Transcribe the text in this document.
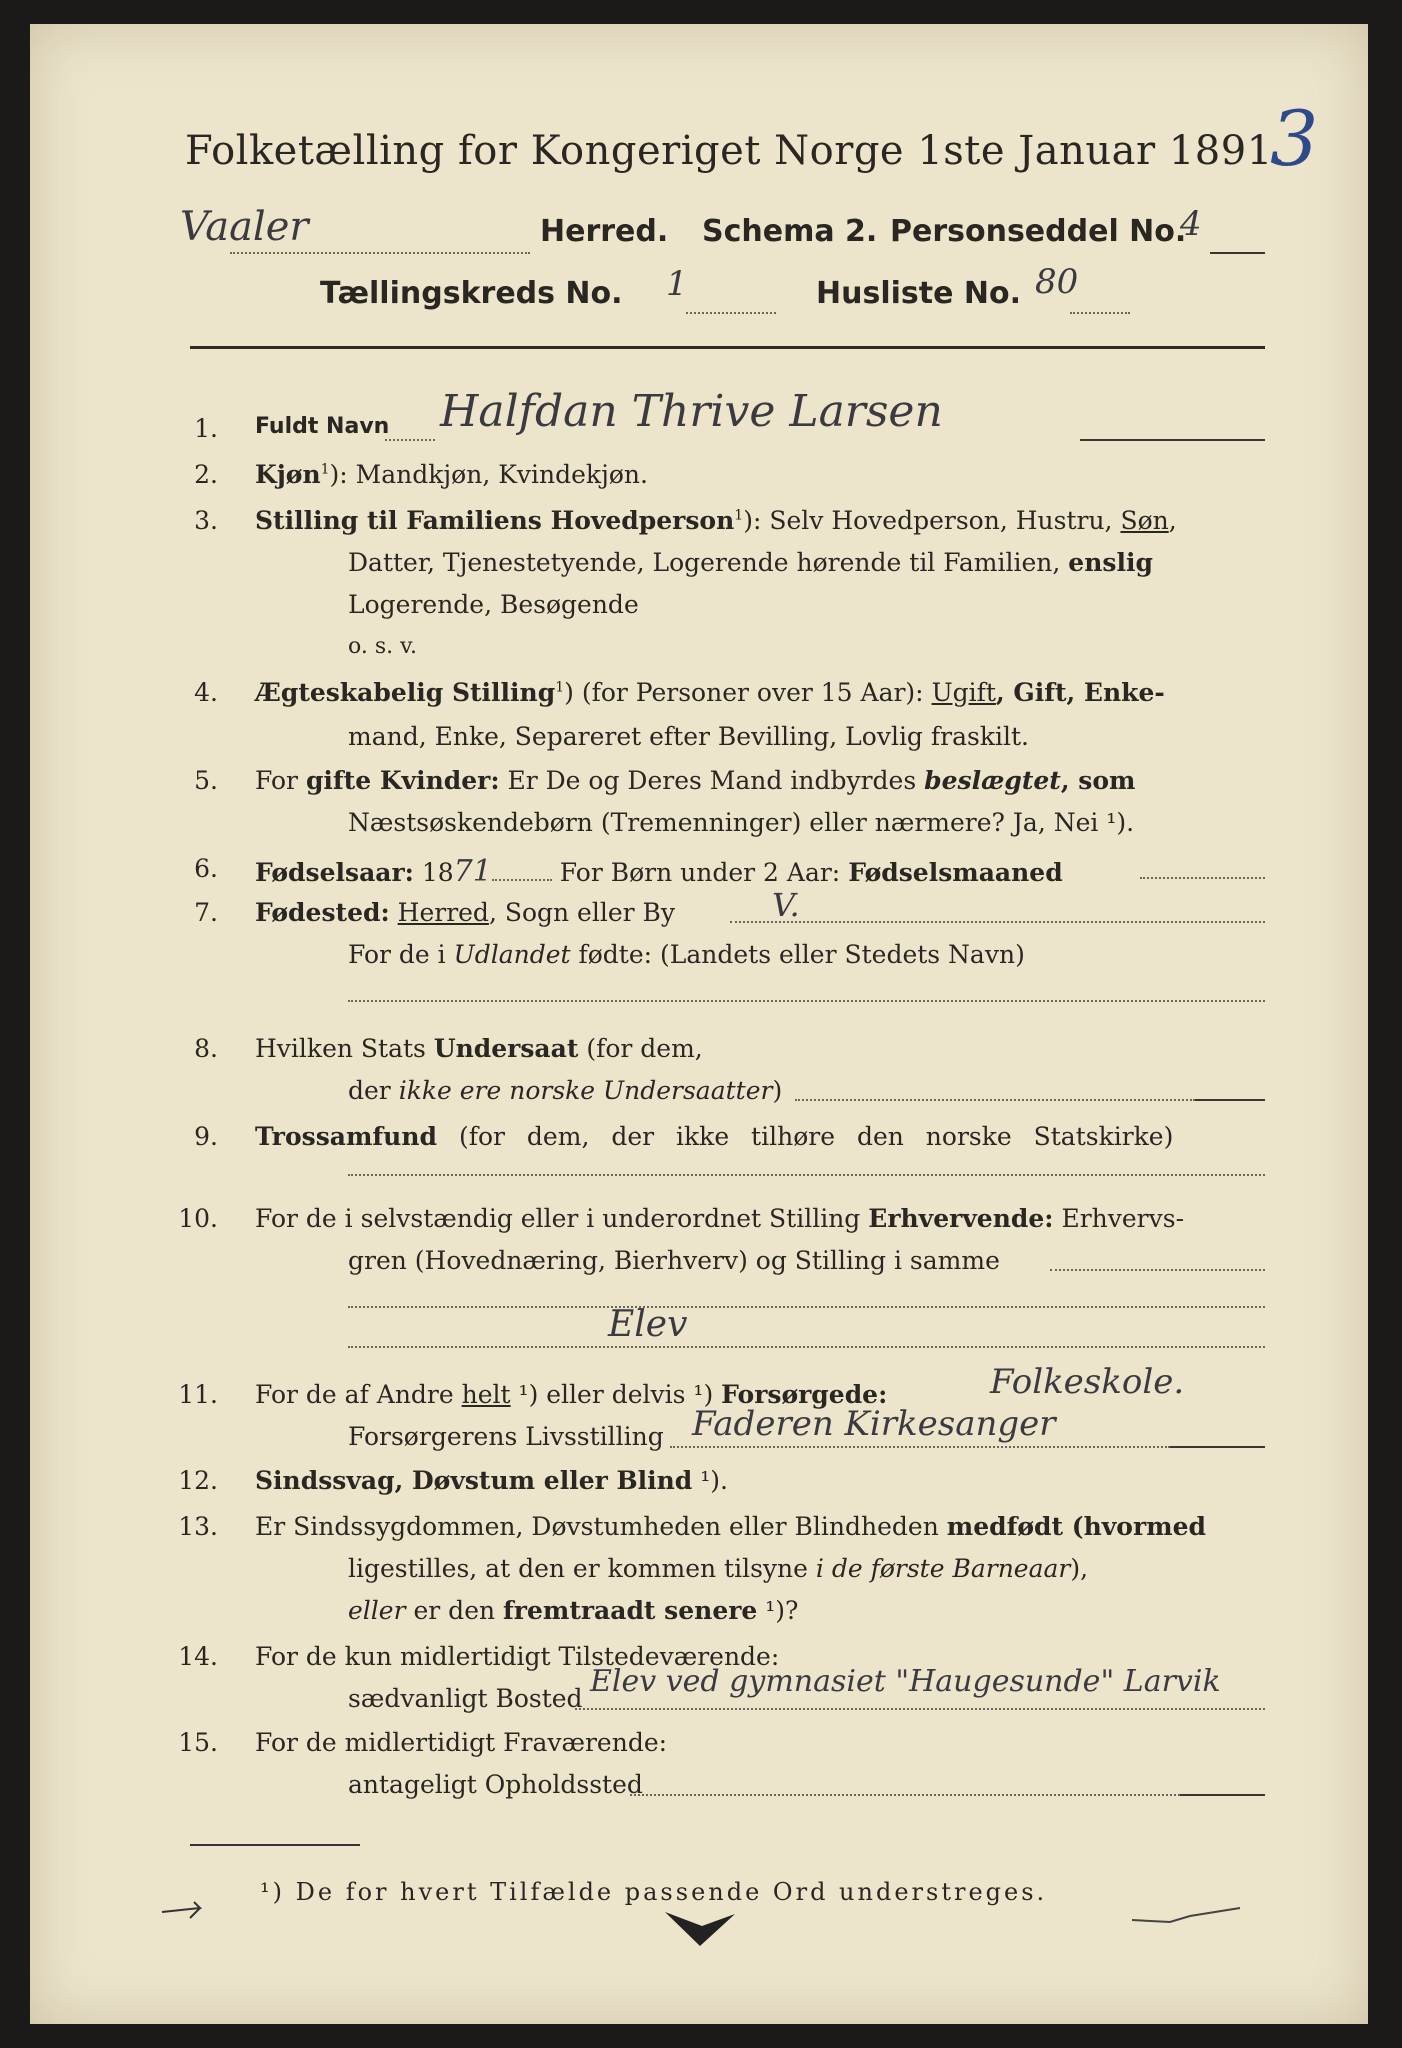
Folketælling for Kongeriget Norge 1ste Januar 1891.
3
Vaaler	Herred. Schema 2. Personseddel No.
4
Tællingskreds No. 1	Husliste No. 80
1. Fuldt Navn Halfdan Thrive Larsen
2. Kjøn$^1$): Mandkjøn, Kvindekjøn.
3. Stilling til Familiens Hovedperson$^1$): Selv Hovedperson, Hustru, Søn,
Datter, Tjenestetyende, Logerende hørende til Familien, enslig
Logerende, Besøgende
o. s. v.
4. Ægteskabelig Stilling$^1$) (for Personer over 15 Aar): Ugift, Gift, Enke-
mand, Enke, Separeret efter Bevilling, Lovlig fraskilt.
5. For gifte Kvinder: Er De og Deres Mand indbyrdes beslægtet, som
Næstsøskendebørn (Tremenninger) eller nærmere? Ja, Nei ¹).
6. Fødselsaar: 1871	For Børn under 2 Aar: Fødselsmaaned
7. Fødested: Herred, Sogn eller By	V.
For de i Udlandet fødte: (Landets eller Stedets Navn)
8. Hvilken Stats Undersaat (for dem,
der ikke ere norske Undersaatter)
9. Trossamfund (for dem, der ikke tilhøre den norske Statskirke)
10. For de i selvstændig eller i underordnet Stilling Erhvervende: Erhvervs-
gren (Hovednæring, Bierhverv) og Stilling i samme
Elev
11. For de af Andre helt ¹) eller delvis ¹) Forsørgede:	Folkeskole.
Forsørgerens Livsstilling Faderen Kirkesanger
12. Sindssvag, Døvstum eller Blind ¹).
13. Er Sindssygdommen, Døvstumheden eller Blindheden medfødt (hvormed
ligestilles, at den er kommen tilsyne i de første Barneaar),
eller er den fremtraadt senere ¹)?
14. For de kun midlertidigt Tilstedeværende:
sædvanligt Bosted Elev ved gymnasiet "Haugesunde" Larvik
15. For de midlertidigt Fraværende:
antageligt Opholdssted
¹) De for hvert Tilfælde passende Ord understreges.
